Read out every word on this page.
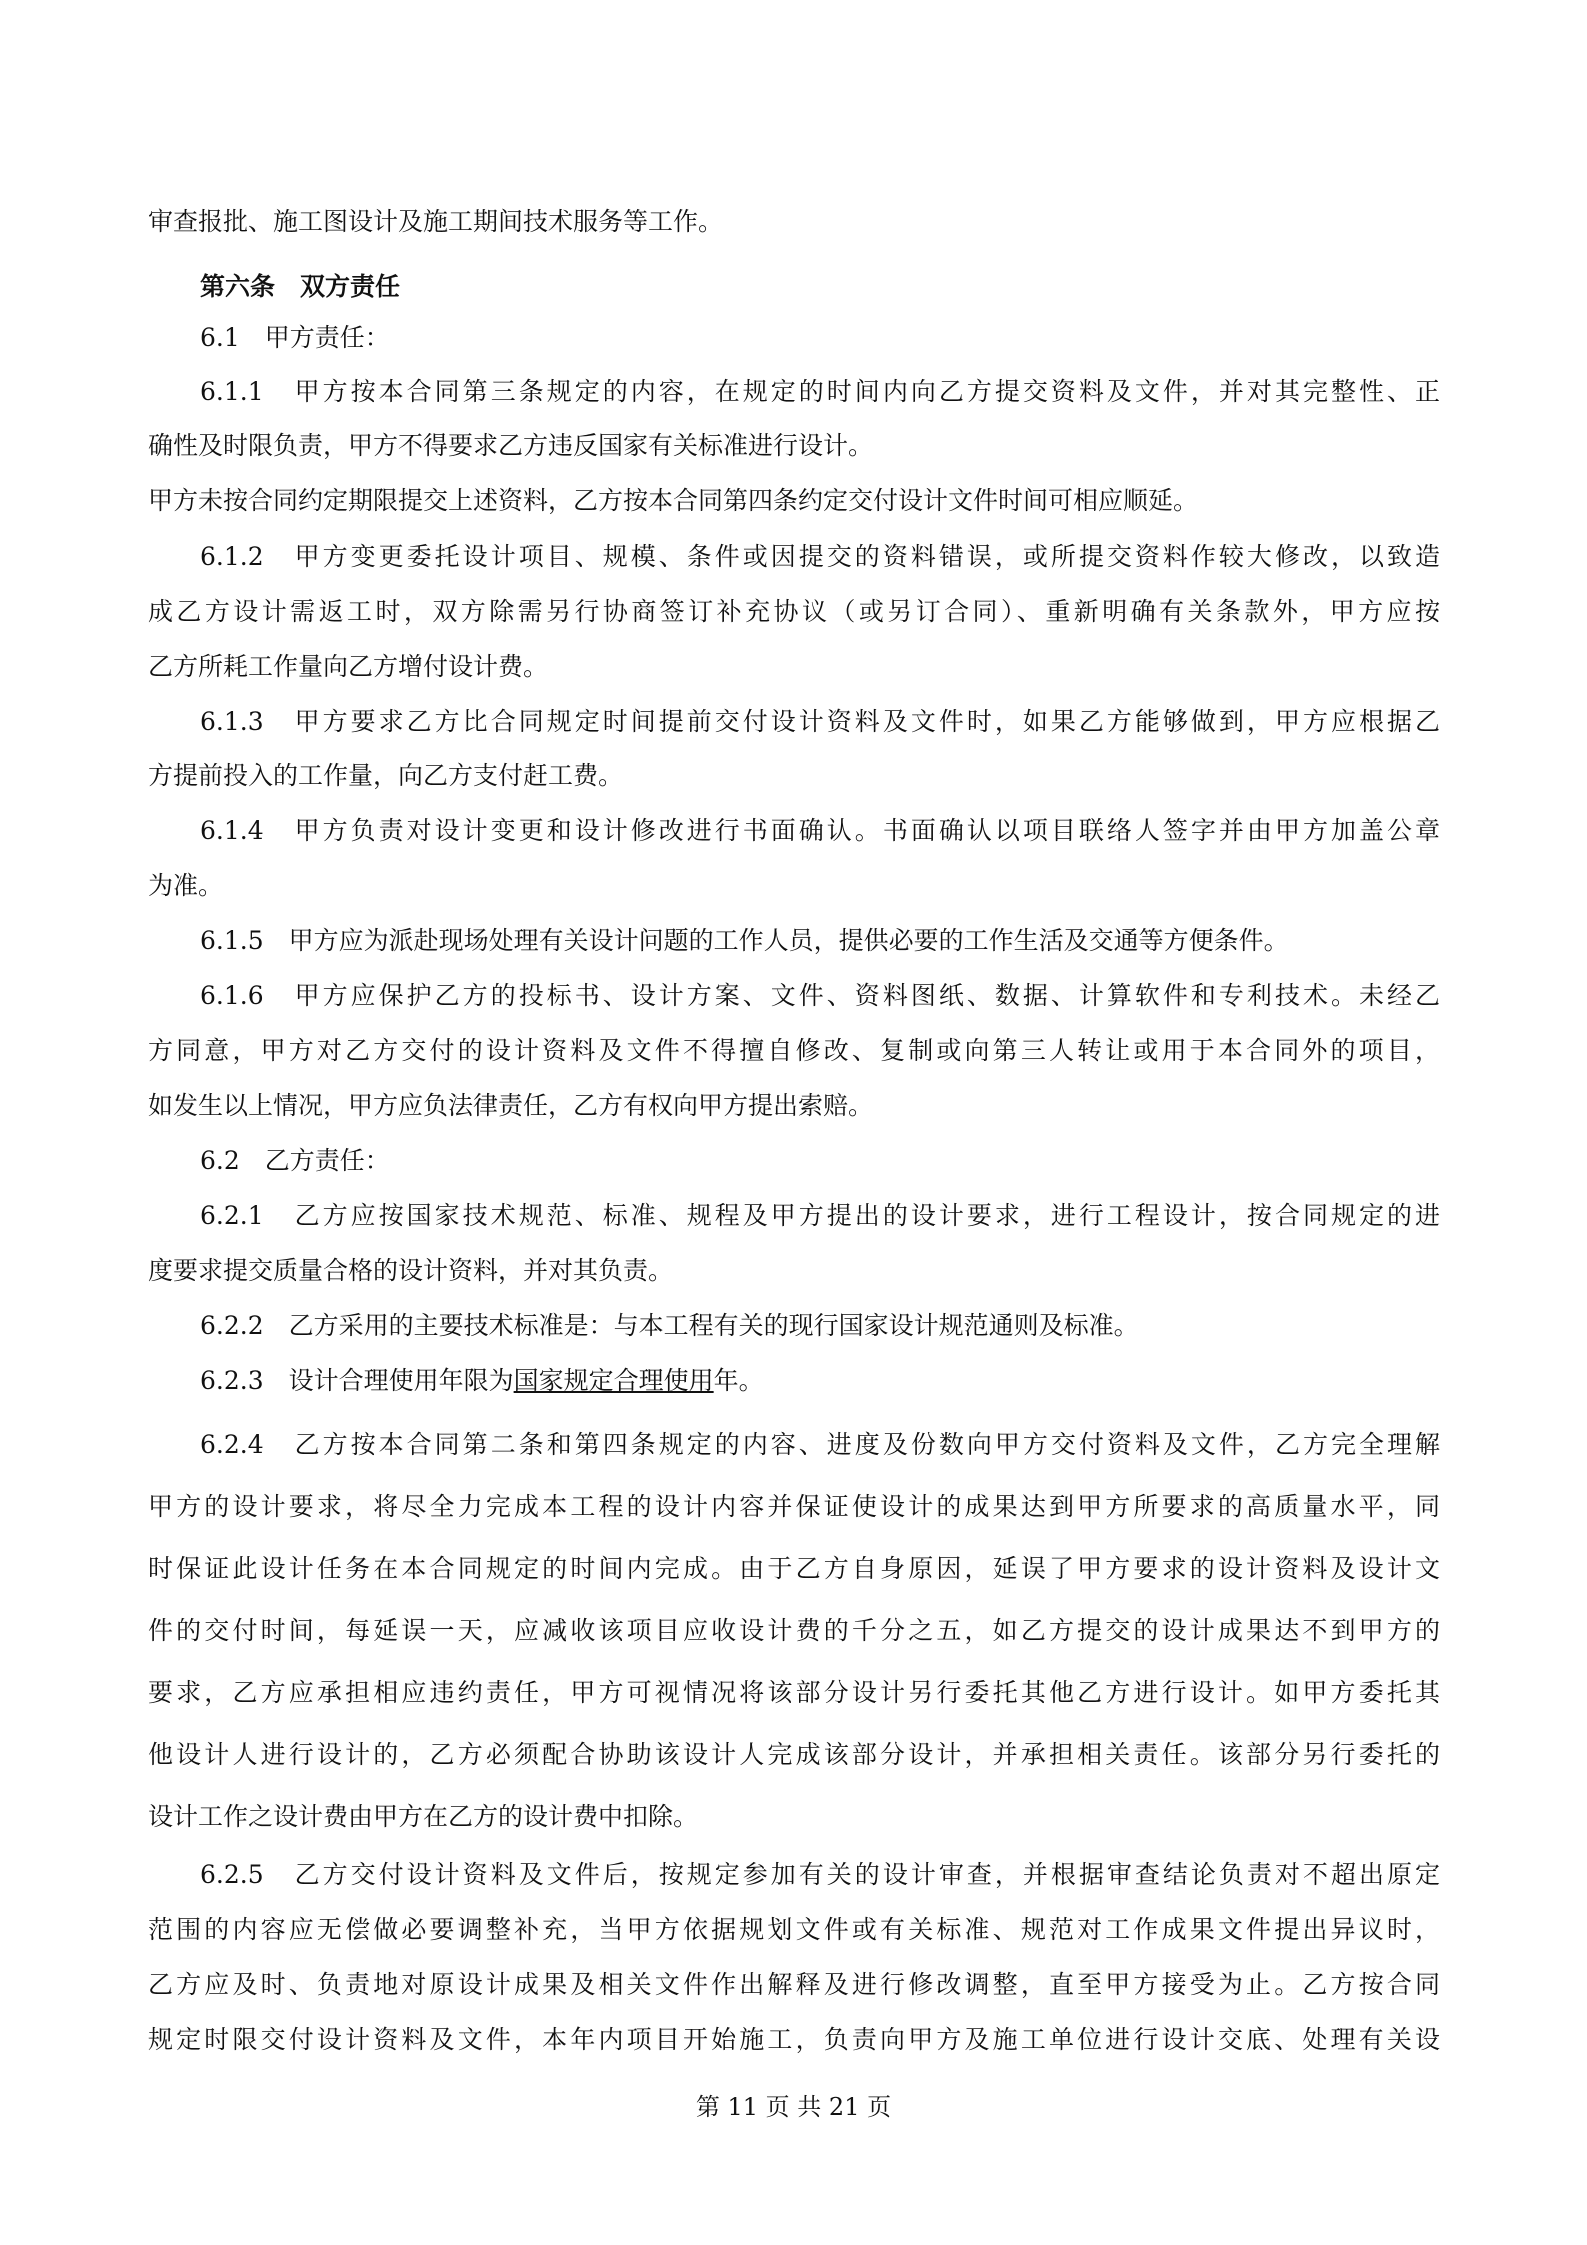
审查报批、施工图设计及施工期间技术服务等工作。
第六条　双方责任
6.1　甲方责任：
6.1.1　甲方按本合同第三条规定的内容，在规定的时间内向乙方提交资料及文件，并对其完整性、正
确性及时限负责，甲方不得要求乙方违反国家有关标准进行设计。
甲方未按合同约定期限提交上述资料，乙方按本合同第四条约定交付设计文件时间可相应顺延。
6.1.2　甲方变更委托设计项目、规模、条件或因提交的资料错误，或所提交资料作较大修改，以致造
成乙方设计需返工时，双方除需另行协商签订补充协议（或另订合同）、重新明确有关条款外，甲方应按
乙方所耗工作量向乙方增付设计费。
6.1.3　甲方要求乙方比合同规定时间提前交付设计资料及文件时，如果乙方能够做到，甲方应根据乙
方提前投入的工作量，向乙方支付赶工费。
6.1.4　甲方负责对设计变更和设计修改进行书面确认。书面确认以项目联络人签字并由甲方加盖公章
为准。
6.1.5　甲方应为派赴现场处理有关设计问题的工作人员，提供必要的工作生活及交通等方便条件。
6.1.6　甲方应保护乙方的投标书、设计方案、文件、资料图纸、数据、计算软件和专利技术。未经乙
方同意，甲方对乙方交付的设计资料及文件不得擅自修改、复制或向第三人转让或用于本合同外的项目，
如发生以上情况，甲方应负法律责任，乙方有权向甲方提出索赔。
6.2　乙方责任：
6.2.1　乙方应按国家技术规范、标准、规程及甲方提出的设计要求，进行工程设计，按合同规定的进
度要求提交质量合格的设计资料，并对其负责。
6.2.2　乙方采用的主要技术标准是：与本工程有关的现行国家设计规范通则及标准。
6.2.3　设计合理使用年限为国家规定合理使用年。
6.2.4　乙方按本合同第二条和第四条规定的内容、进度及份数向甲方交付资料及文件，乙方完全理解
甲方的设计要求，将尽全力完成本工程的设计内容并保证使设计的成果达到甲方所要求的高质量水平，同
时保证此设计任务在本合同规定的时间内完成。由于乙方自身原因，延误了甲方要求的设计资料及设计文
件的交付时间，每延误一天，应减收该项目应收设计费的千分之五，如乙方提交的设计成果达不到甲方的
要求，乙方应承担相应违约责任，甲方可视情况将该部分设计另行委托其他乙方进行设计。如甲方委托其
他设计人进行设计的，乙方必须配合协助该设计人完成该部分设计，并承担相关责任。该部分另行委托的
设计工作之设计费由甲方在乙方的设计费中扣除。
6.2.5　乙方交付设计资料及文件后，按规定参加有关的设计审查，并根据审查结论负责对不超出原定
范围的内容应无偿做必要调整补充，当甲方依据规划文件或有关标准、规范对工作成果文件提出异议时，
乙方应及时、负责地对原设计成果及相关文件作出解释及进行修改调整，直至甲方接受为止。乙方按合同
规定时限交付设计资料及文件，本年内项目开始施工，负责向甲方及施工单位进行设计交底、处理有关设
第 11 页 共 21 页
